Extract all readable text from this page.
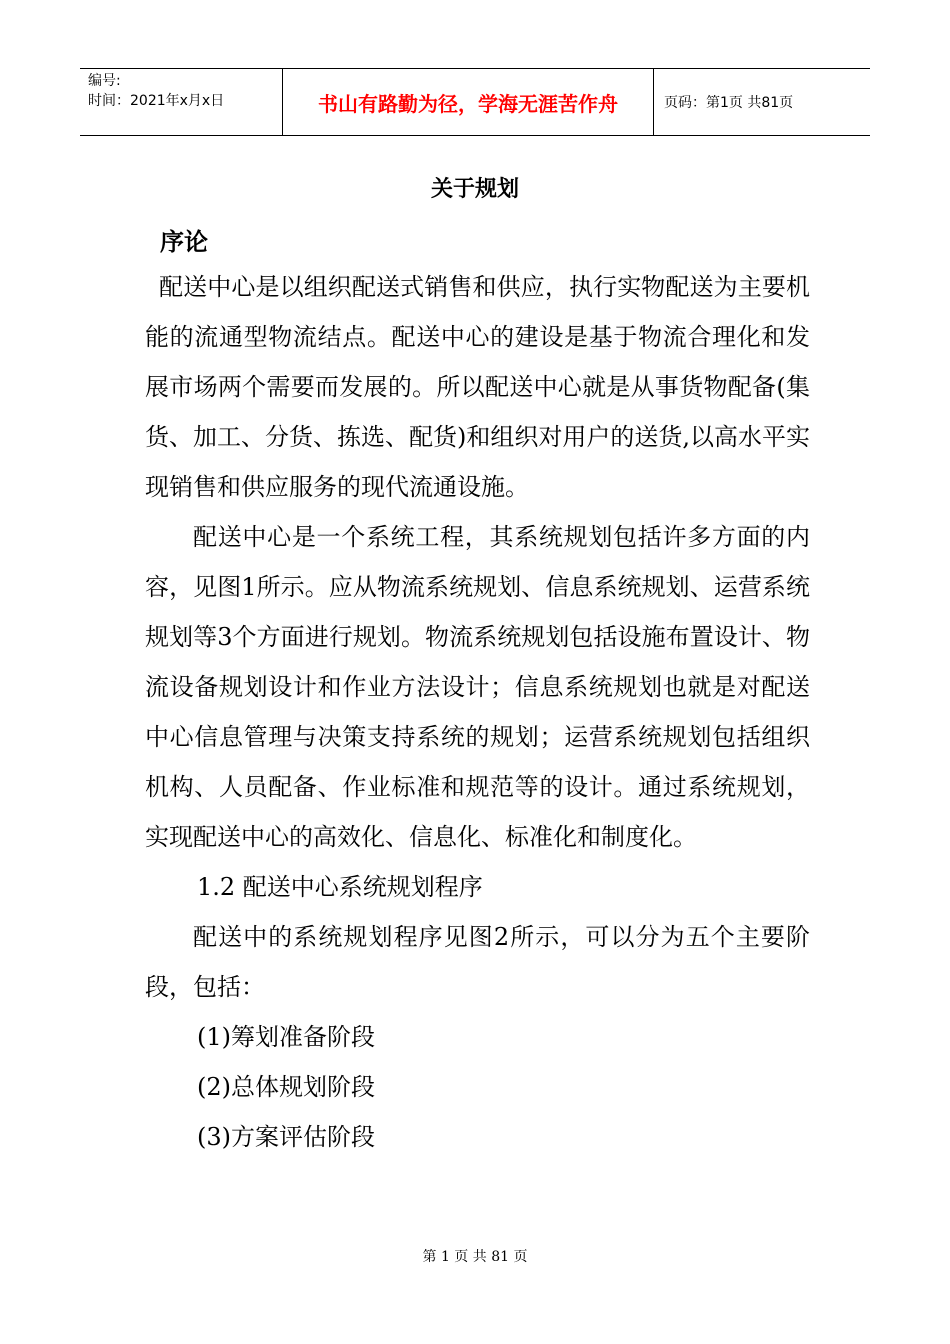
编号:
时间：2021年x月x日	书山有路勤为径，学海无涯苦作舟	页码：第1页 共81页
关于规划
序论

配送中心是以组织配送式销售和供应，执行实物配送为主要机能的流通型物流结点。配送中心的建设是基于物流合理化和发展市场两个需要而发展的。所以配送中心就是从事货物配备(集货、加工、分货、拣选、配货)和组织对用户的送货,以高水平实现销售和供应服务的现代流通设施。

配送中心是一个系统工程，其系统规划包括许多方面的内容，见图1所示。应从物流系统规划、信息系统规划、运营系统规划等3个方面进行规划。物流系统规划包括设施布置设计、物流设备规划设计和作业方法设计；信息系统规划也就是对配送中心信息管理与决策支持系统的规划；运营系统规划包括组织机构、人员配备、作业标准和规范等的设计。通过系统规划，实现配送中心的高效化、信息化、标准化和制度化。

1.2 配送中心系统规划程序

配送中的系统规划程序见图2所示，可以分为五个主要阶段，包括：

(1)筹划准备阶段

(2)总体规划阶段

(3)方案评估阶段

第 1 页 共 81 页
